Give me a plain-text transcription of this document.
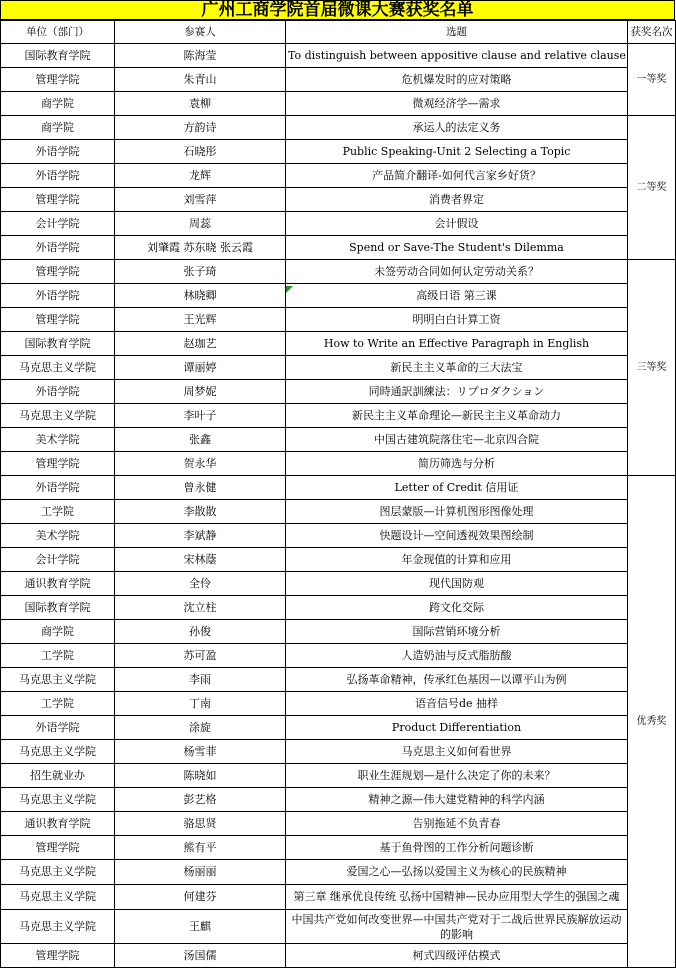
广州工商学院首届微课大赛获奖名单
单位（部门）	参赛人	选题	获奖名次
国际教育学院	陈海莹	To distinguish between appositive clause and relative clause	一等奖
管理学院	朱青山	危机爆发时的应对策略	
商学院	袁柳	微观经济学—需求	
商学院	方韵诗	承运人的法定义务	二等奖
外语学院	石晓彤	Public Speaking-Unit 2 Selecting a Topic	
外语学院	龙辉	产品简介翻译-如何代言家乡好货？	
管理学院	刘雪萍	消费者界定	
会计学院	周蕊	会计假设	
外语学院	刘肇霞 苏东晓 张云霞	Spend or Save-The Student's Dilemma	
管理学院	张子琦	未签劳动合同如何认定劳动关系？	三等奖
外语学院	林晓卿	高级日语 第三课	
管理学院	王光辉	明明白白计算工资	
国际教育学院	赵珈艺	How to Write an Effective Paragraph in English	
马克思主义学院	谭丽婷	新民主主义革命的三大法宝	
外语学院	周梦妮	同時通訳訓練法：リプロダクション	
马克思主义学院	李叶子	新民主主义革命理论—新民主主义革命动力	
美术学院	张鑫	中国古建筑院落住宅—北京四合院	
管理学院	贺永华	简历筛选与分析	
外语学院	曾永健	Letter of Credit 信用证	优秀奖
工学院	李散散	图层蒙版—计算机图形图像处理	
美术学院	李斌静	快题设计—空间透视效果图绘制	
会计学院	宋林蔭	年金现值的计算和应用	
通识教育学院	全伶	现代国防观	
国际教育学院	沈立柱	跨文化交际	
商学院	孙俊	国际营销环境分析	
工学院	苏可盈	人造奶油与反式脂肪酸	
马克思主义学院	李雨	弘扬革命精神，传承红色基因—以谭平山为例	
工学院	丁南	语音信号de 抽样	
外语学院	涂旋	Product Differentiation	
马克思主义学院	杨雪菲	马克思主义如何看世界	
招生就业办	陈晓如	职业生涯规划—是什么决定了你的未来？	
马克思主义学院	彭艺格	精神之源—伟大建党精神的科学内涵	
通识教育学院	骆思贤	告别拖延不负青春	
管理学院	熊有平	基于鱼骨图的工作分析问题诊断	
马克思主义学院	杨丽丽	爱国之心—弘扬以爱国主义为核心的民族精神	
马克思主义学院	何建芬	第三章 继承优良传统 弘扬中国精神—民办应用型大学生的强国之魂	
马克思主义学院	王麒	中国共产党如何改变世界—中国共产党对于二战后世界民族解放运动的影响	
管理学院	汤国儒	柯式四级评估模式	
